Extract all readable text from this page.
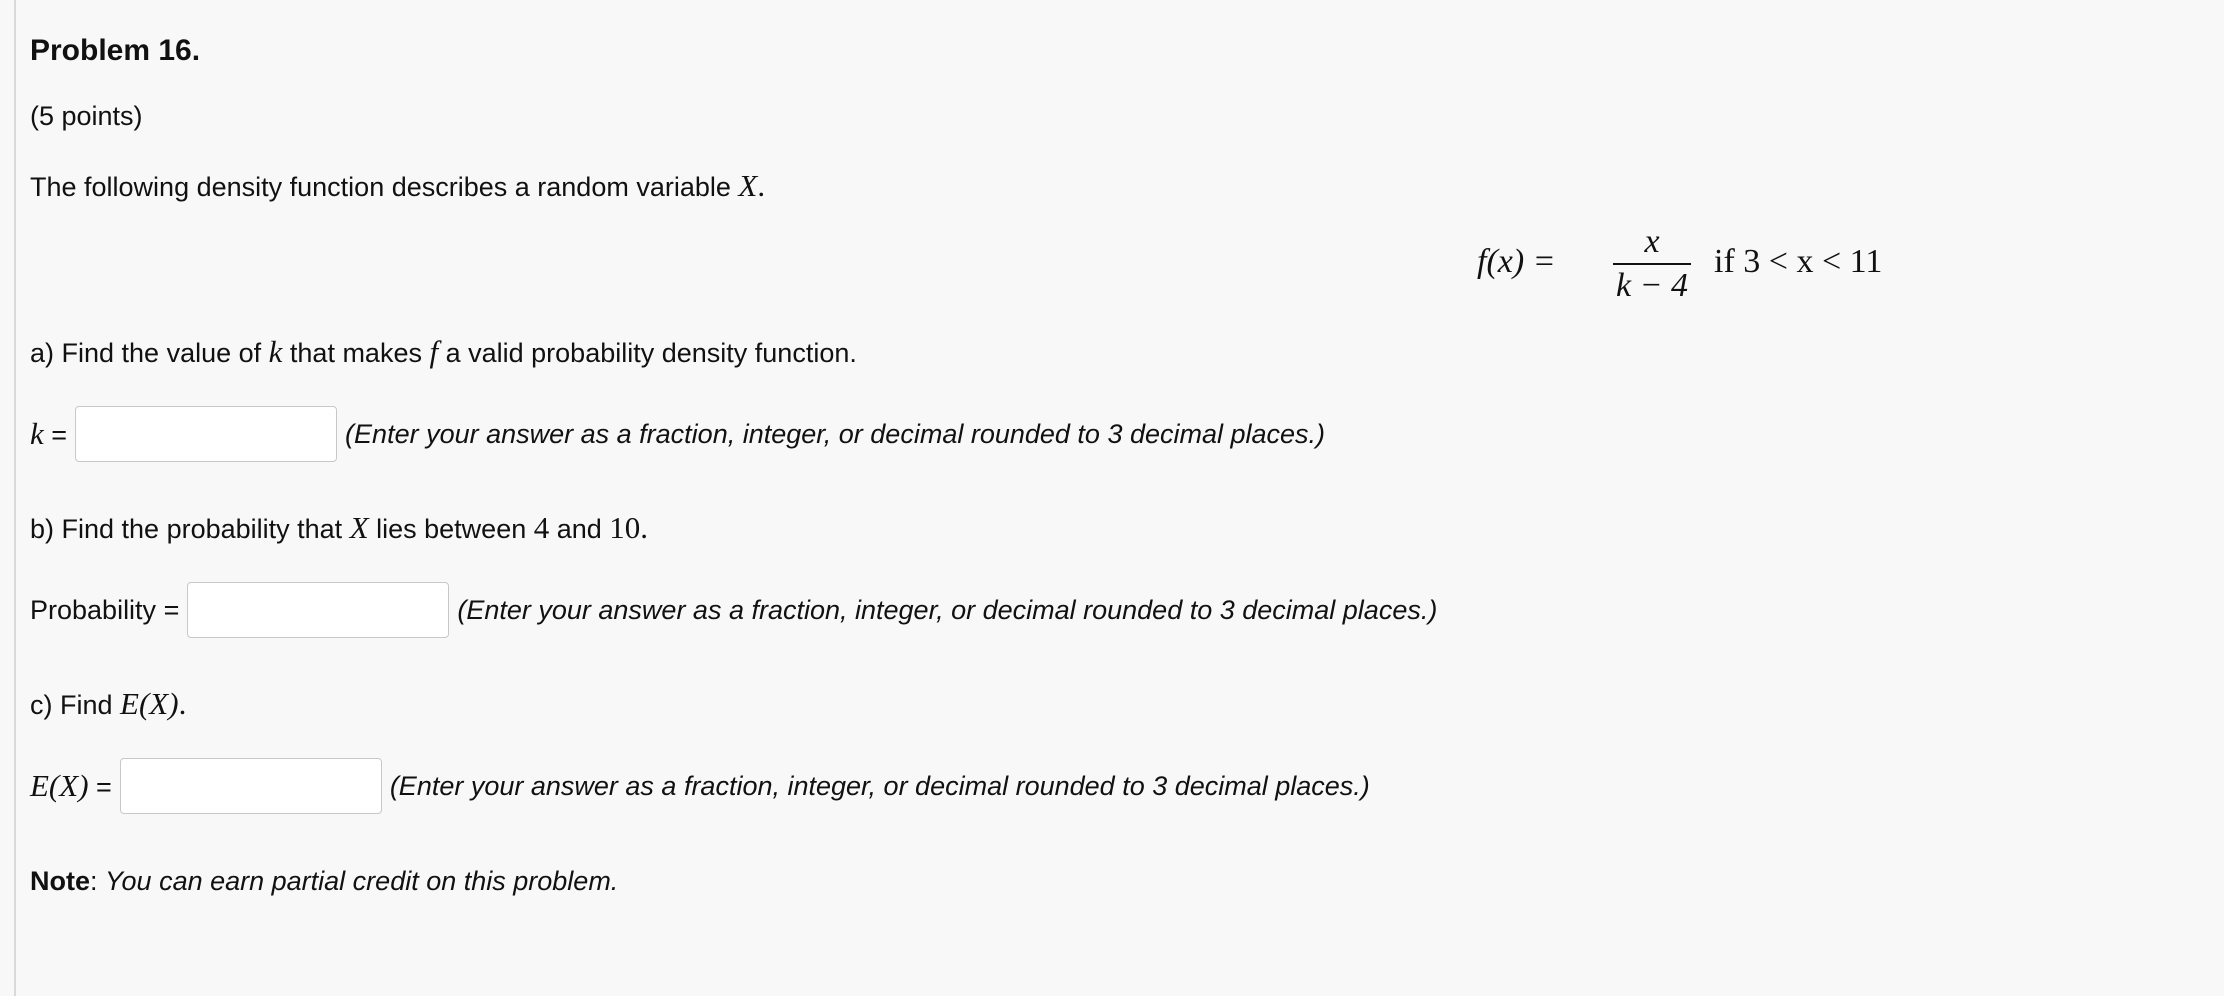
Problem 16.
(5 points)
The following density function describes a random variable X.
f(x) =
x
k − 4
if 3 < x < 11
a) Find the value of k that makes f a valid probability density function.
k =	(Enter your answer as a fraction, integer, or decimal rounded to 3 decimal places.)
b) Find the probability that X lies between 4 and 10.
Probability =	(Enter your answer as a fraction, integer, or decimal rounded to 3 decimal places.)
c) Find E(X).
E(X) =	(Enter your answer as a fraction, integer, or decimal rounded to 3 decimal places.)
Note: You can earn partial credit on this problem.
